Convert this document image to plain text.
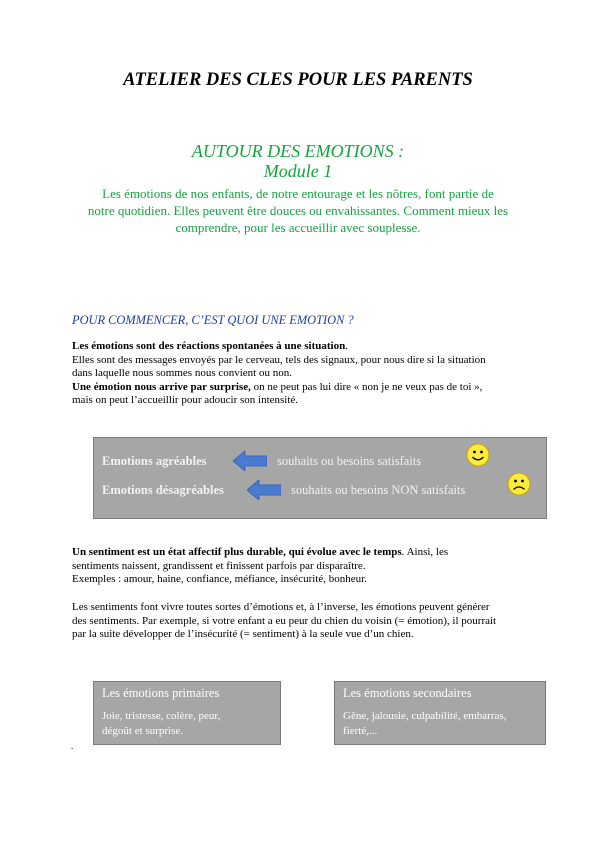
ATELIER DES CLES POUR LES PARENTS
AUTOUR DES EMOTIONS :
Module 1
Les émotions de nos enfants, de notre entourage et les nôtres, font partie de
notre quotidien. Elles peuvent être douces ou envahissantes. Comment mieux les
comprendre, pour les accueillir avec souplesse.
POUR COMMENCER, C’EST QUOI UNE EMOTION ?

Les émotions sont des réactions spontanées à une situation.

Elles sont des messages envoyés par le cerveau, tels des signaux, pour nous dire si la situation

dans laquelle nous sommes nous convient ou non.

Une émotion nous arrive par surprise, on ne peut pas lui dire « non je ne veux pas de toi »,

mais on peut l’accueillir pour adoucir son intensité.

Emotions agréables	souhaits ou besoins satisfaits
Emotions désagréables	souhaits ou besoins NON satisfaits

Un sentiment est un état affectif plus durable, qui évolue avec le temps. Ainsi, les

sentiments naissent, grandissent et finissent parfois par disparaître.

Exemples : amour, haine, confiance, méfiance, insécurité, bonheur.

Les sentiments font vivre toutes sortes d’émotions et, à l’inverse, les émotions peuvent générer

des sentiments. Par exemple, si votre enfant a eu peur du chien du voisin (= émotion), il pourrait

par la suite développer de l’insécurité (= sentiment) à la seule vue d’un chien.

Les émotions primaires
Joie, tristesse, colère, peur,
dégoût et surprise.
Les émotions secondaires
Gêne, jalousie, culpabilité, embarras,
fierté,...
.
